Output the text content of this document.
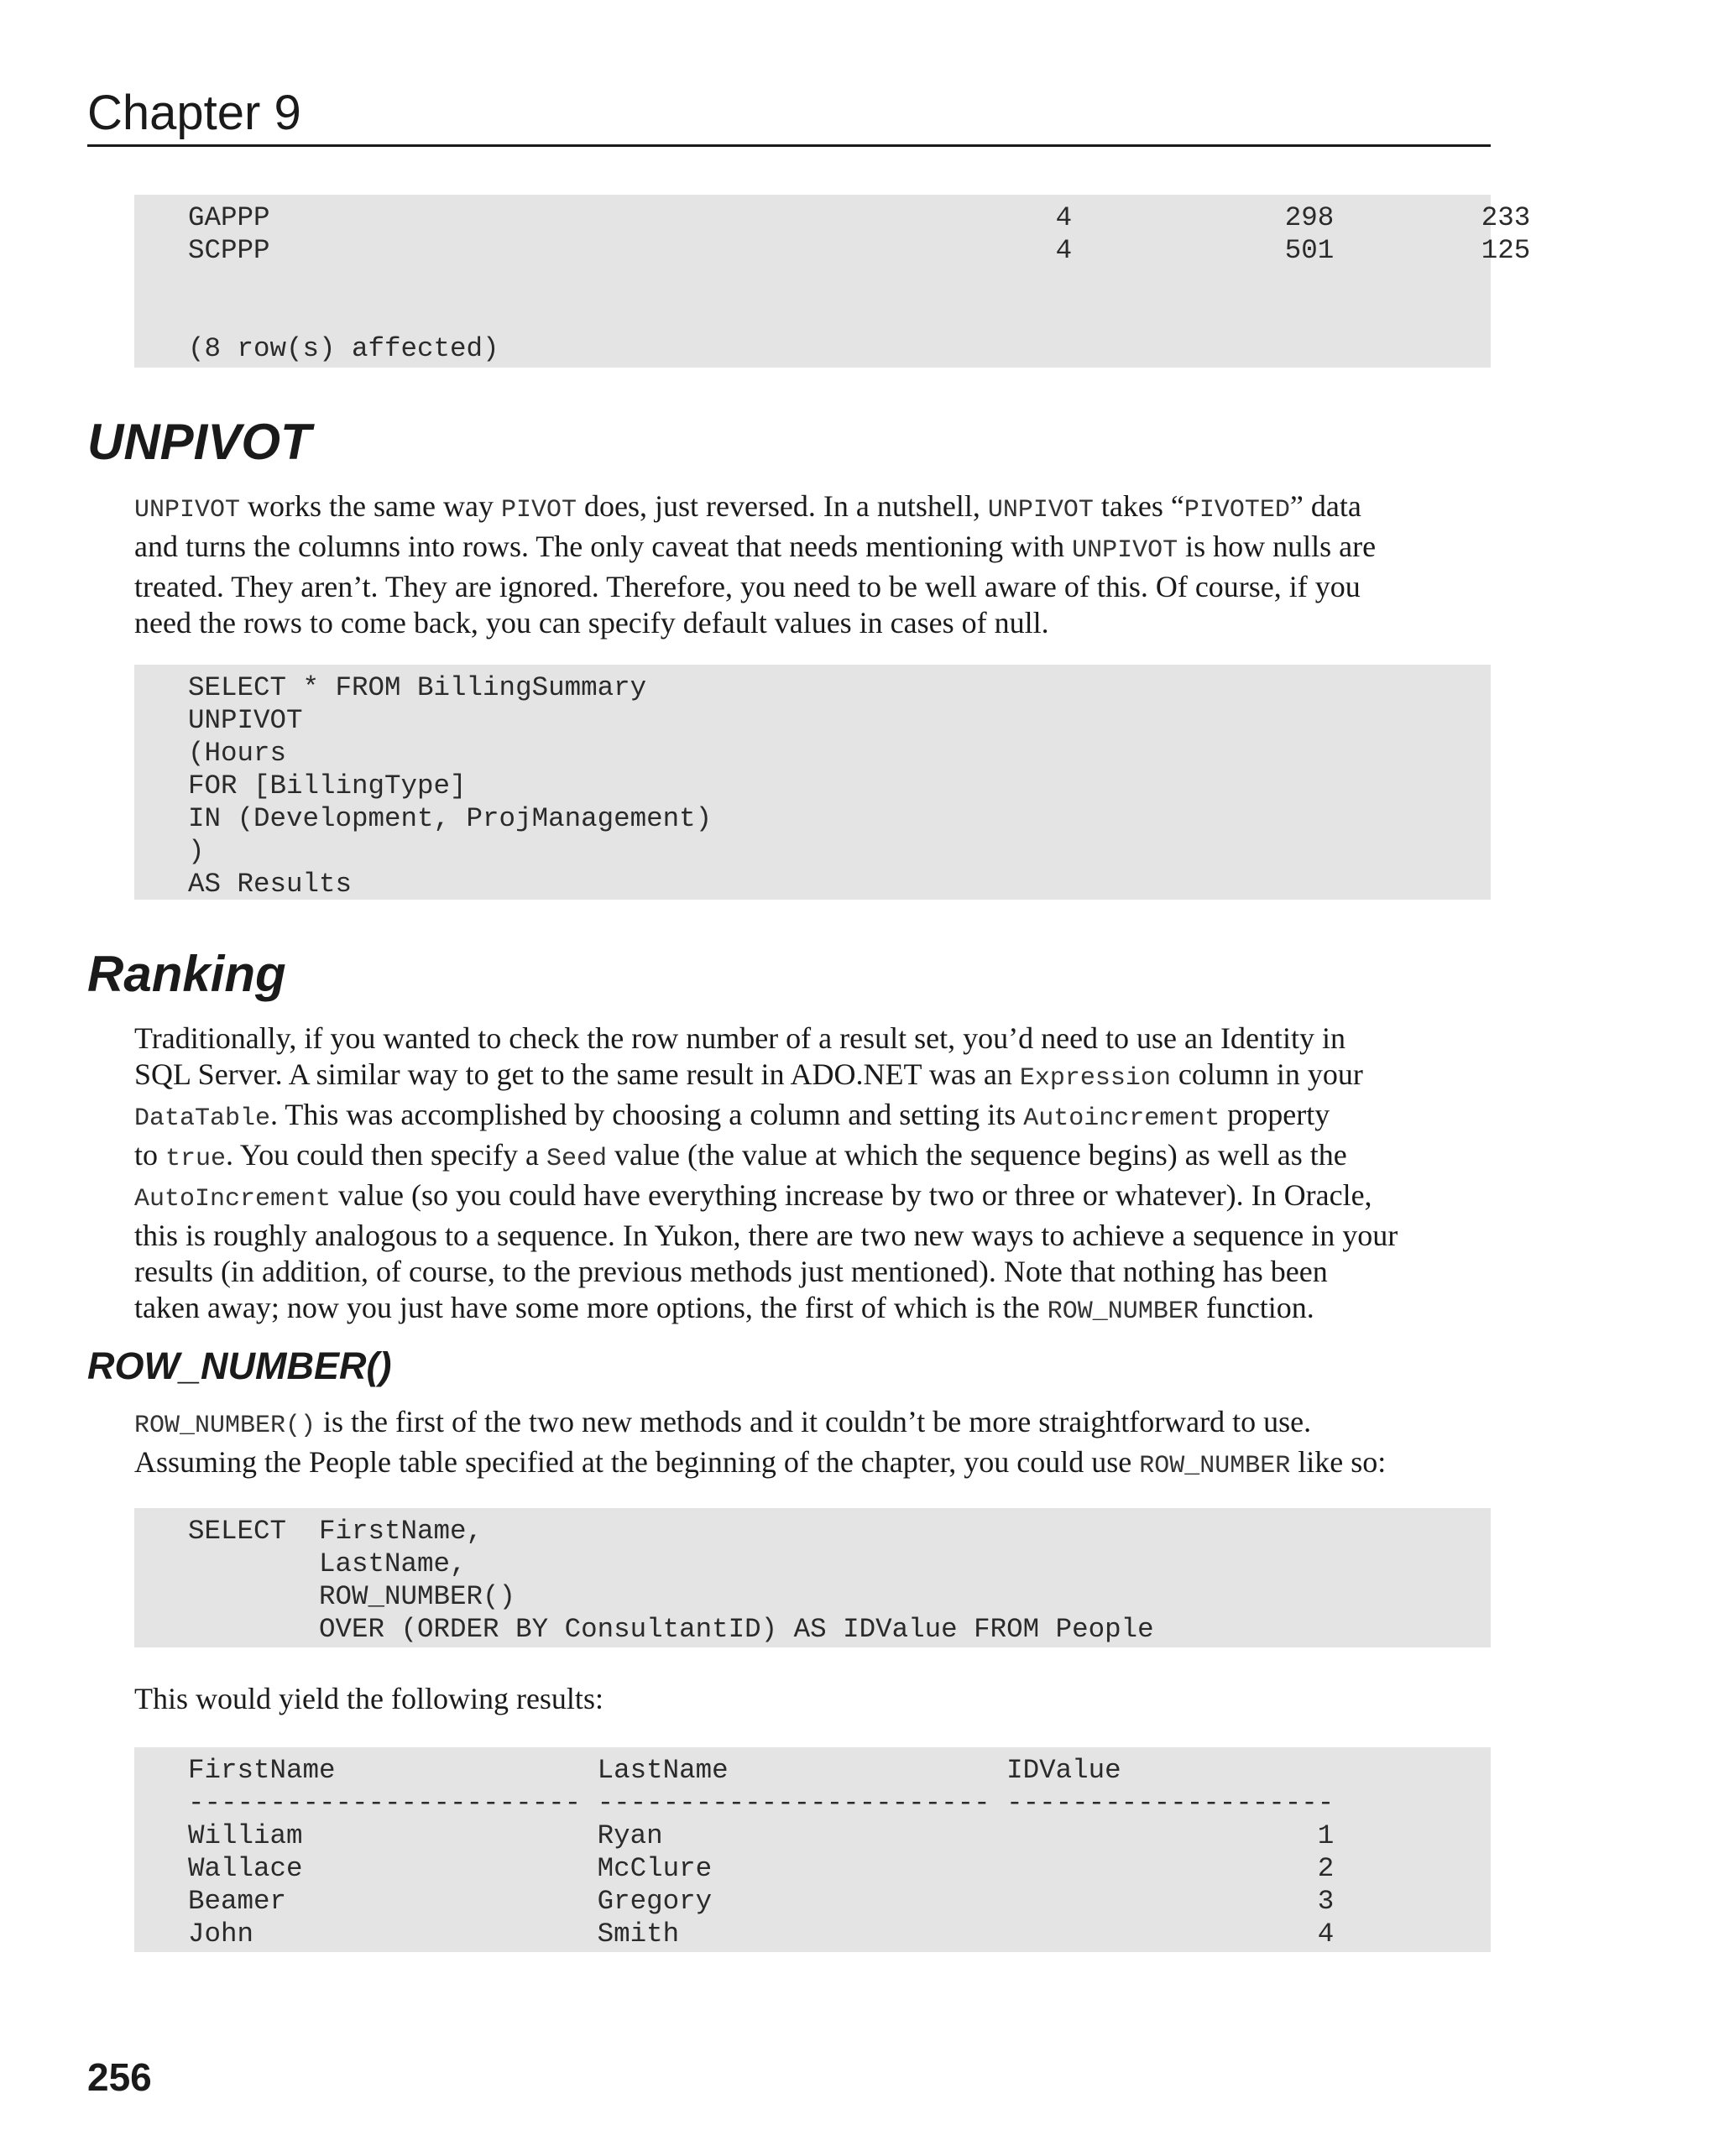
Chapter 9
GAPPP                                                4             298         233
SCPPP                                                4             501         125
(8 row(s) affected)
UNPIVOT
UNPIVOT works the same way PIVOT does, just reversed. In a nutshell, UNPIVOT takes “PIVOTED” data
and turns the columns into rows. The only caveat that needs mentioning with UNPIVOT is how nulls are
treated. They aren’t. They are ignored. Therefore, you need to be well aware of this. Of course, if you
need the rows to come back, you can specify default values in cases of null.
SELECT * FROM BillingSummary
UNPIVOT
(Hours
FOR [BillingType]
IN (Development, ProjManagement)
)
AS Results
Ranking
Traditionally, if you wanted to check the row number of a result set, you’d need to use an Identity in
SQL Server. A similar way to get to the same result in ADO.NET was an Expression column in your
DataTable. This was accomplished by choosing a column and setting its Autoincrement property
to true. You could then specify a Seed value (the value at which the sequence begins) as well as the
AutoIncrement value (so you could have everything increase by two or three or whatever). In Oracle,
this is roughly analogous to a sequence. In Yukon, there are two new ways to achieve a sequence in your
results (in addition, of course, to the previous methods just mentioned). Note that nothing has been
taken away; now you just have some more options, the first of which is the ROW_NUMBER function.
ROW_NUMBER()
ROW_NUMBER() is the first of the two new methods and it couldn’t be more straightforward to use.
Assuming the People table specified at the beginning of the chapter, you could use ROW_NUMBER like so:
SELECT  FirstName,
LastName,
ROW_NUMBER()
OVER (ORDER BY ConsultantID) AS IDValue FROM People
This would yield the following results:
FirstName                LastName                 IDValue
------------------------ ------------------------ --------------------
William                  Ryan                                        1
Wallace                  McClure                                     2
Beamer                   Gregory                                     3
John                     Smith                                       4
256
